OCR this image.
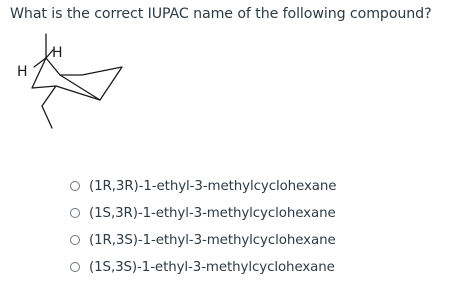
What is the correct IUPAC name of the following compound?
H
H
(1R,3R)-1-ethyl-3-methylcyclohexane
(1S,3R)-1-ethyl-3-methylcyclohexane
(1R,3S)-1-ethyl-3-methylcyclohexane
(1S,3S)-1-ethyl-3-methylcyclohexane
